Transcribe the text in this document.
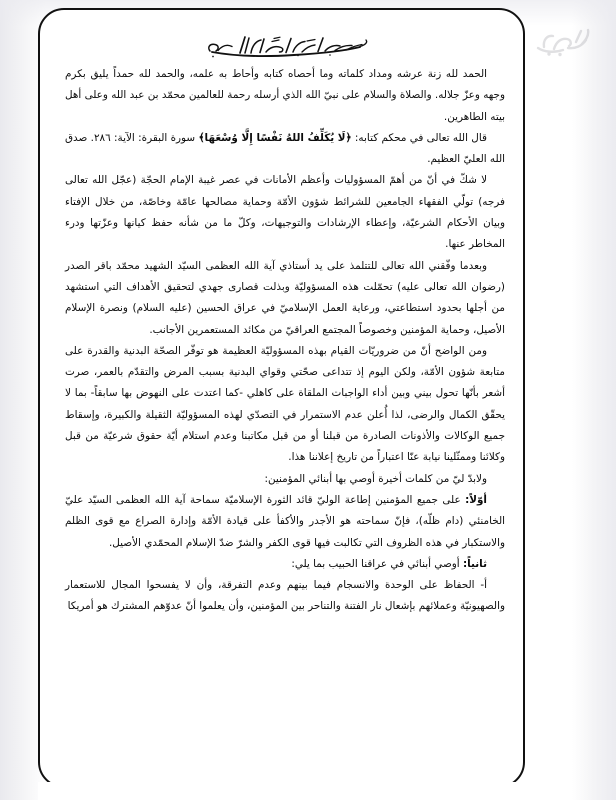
الحمد لله زنة عرشه ومداد كلماته وما أحصاه كتابه وأحاط به علمه، والحمد لله حمداً يليق بكرم وجهه وعزّ جلاله. والصلاة والسلام على نبيّ الله الذي أرسله رحمة للعالمين محمّد بن عبد الله وعلى أهل بيته الطاهرين.

قال الله تعالى في محكم كتابه: ﴿لَا يُكَلِّفُ اللهُ نَفْسًا إِلَّا وُسْعَهَا﴾ سورة البقرة: الآية: ٢٨٦. صدق الله العليّ العظيم.

لا شكّ في أنّ من أهمّ المسؤوليات وأعظم الأمانات في عصر غيبة الإمام الحجّة (عجّل الله تعالى فرجه) تولّي الفقهاء الجامعين للشرائط شؤون الأمّة وحماية مصالحها عامّة وخاصّة، من خلال الإفتاء وبيان الأحكام الشرعيّة، وإعطاء الإرشادات والتوجيهات، وكلّ ما من شأنه حفظ كيانها وعزّتها ودرء المخاطر عنها.

وبعدما وفّقني الله تعالى للتتلمذ على يد أستاذي آية الله العظمى السيّد الشهيد محمّد باقر الصدر (رضوان الله تعالى عليه) تحمّلت هذه المسؤوليّة وبذلت قصارى جهدي لتحقيق الأهداف التي استشهد من أجلها بحدود استطاعتي، ورعاية العمل الإسلاميّ في عراق الحسين (عليه السلام) ونصرة الإسلام الأصيل، وحماية المؤمنين وخصوصاً المجتمع العراقيّ من مكائد المستعمرين الأجانب.

ومن الواضح أنّ من ضروريّات القيام بهذه المسؤوليّة العظيمة هو توفّر الصحّة البدنية والقدرة على متابعة شؤون الأمّة، ولكن اليوم إذ تتداعى صحّتي وقواي البدنية بسبب المرض والتقدّم بالعمر، صرت أشعر بأنّها تحول بيني وبين أداء الواجبات الملقاة على كاهلي -كما اعتدت على النهوض بها سابقاً- بما لا يحقّق الكمال والرضى، لذا أُعلن عدم الاستمرار في التصدّي لهذه المسؤوليّة الثقيلة والكبيرة، وإسقاط جميع الوكالات والأذونات الصادرة من قبلنا أو من قبل مكاتبنا وعدم استلام أيّة حقوق شرعيّة من قبل وكلائنا وممثّلينا نيابة عنّا اعتباراً من تاريخ إعلاننا هذا.

ولابدّ ليّ من كلمات أخيرة أوصي بها أبنائي المؤمنين:

أوّلاً: على جميع المؤمنين إطاعة الوليّ قائد الثورة الإسلاميّة سماحة آية الله العظمى السيّد عليّ الخامنئي (دام ظلّه)، فإنّ سماحته هو الأجدر والأكفأ على قيادة الأمّة وإدارة الصراع مع قوى الظلم والاستكبار في هذه الظروف التي تكالبت فيها قوى الكفر والشرّ ضدّ الإسلام المحمّدي الأصيل.

ثانياً: أوصي أبنائي في عراقنا الحبيب بما يلي:

أ- الحفاظ على الوحدة والانسجام فيما بينهم وعدم التفرقة، وأن لا يفسحوا المجال للاستعمار والصهيونيّة وعملائهم بإشعال نار الفتنة والتناحر بين المؤمنين، وأن يعلموا أنّ عدوّهم المشترك هو أمريكا
